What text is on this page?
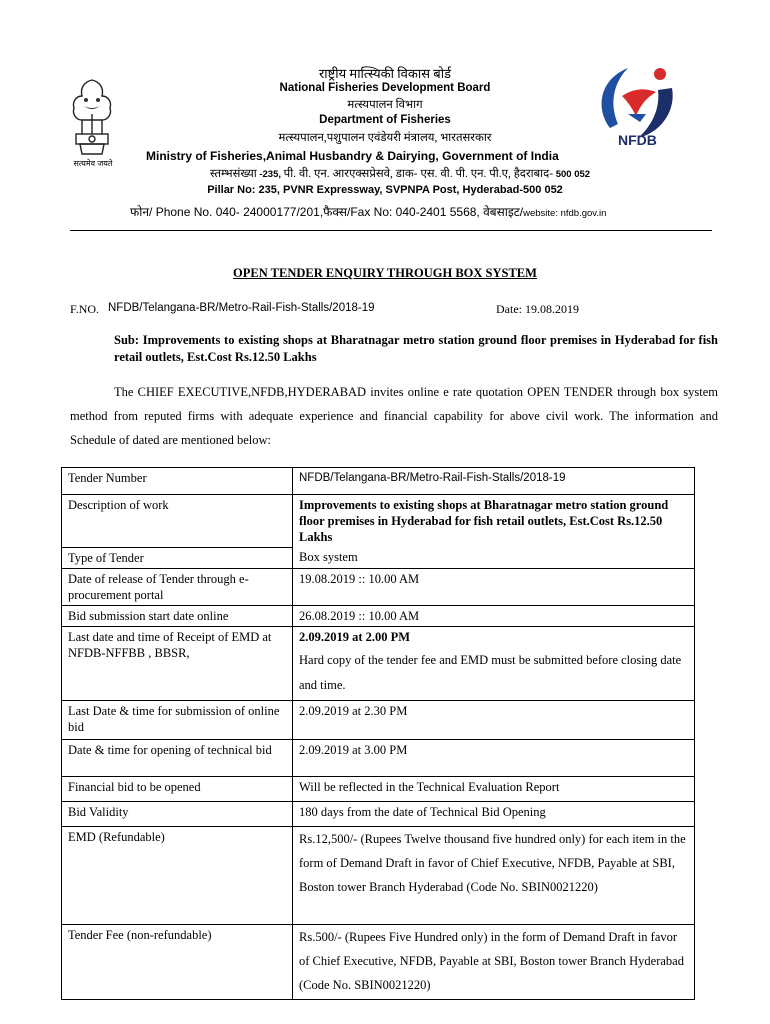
सत्यमेव जयते
NFDB
राष्ट्रीय मात्स्यिकी विकास बोर्ड
National Fisheries Development Board
मत्स्यपालन विभाग
Department of Fisheries
मत्स्यपालन,पशुपालन एवंडेयरी मंत्रालय, भारतसरकार
Ministry of Fisheries,Animal Husbandry & Dairying, Government of India
स्तम्भसंख्या -235, पी. वी. एन. आरएक्सप्रेसवे, डाक- एस. वी. पी. एन. पी.ए, हैदराबाद- 500 052
Pillar No: 235, PVNR Expressway, SVPNPA Post, Hyderabad-500 052
फोन/ Phone No. 040- 24000177/201,फैक्स/Fax No: 040-2401 5568, वेबसाइट/website: nfdb.gov.in
OPEN TENDER ENQUIRY THROUGH BOX SYSTEM
F.NO. NFDB/Telangana-BR/Metro-Rail-Fish-Stalls/2018-19	Date: 19.08.2019
Sub: Improvements to existing shops at Bharatnagar metro station ground floor premises in Hyderabad for fish retail outlets, Est.Cost Rs.12.50 Lakhs
The CHIEF EXECUTIVE,NFDB,HYDERABAD invites online e rate quotation OPEN TENDER through box system method from reputed firms with adequate experience and financial capability for above civil work. The information and Schedule of dated are mentioned below:
Tender Number	NFDB/Telangana-BR/Metro-Rail-Fish-Stalls/2018-19
Description of work	Improvements to existing shops at Bharatnagar metro station ground floor premises in Hyderabad for fish retail outlets, Est.Cost Rs.12.50 Lakhs
Type of Tender	Box system
Date of release of Tender through e-procurement portal	19.08.2019 :: 10.00 AM
Bid submission start date online	26.08.2019 :: 10.00 AM
Last date and time of Receipt of EMD at NFDB-NFFBB , BBSR,	2.09.2019 at 2.00 PM
Hard copy of the tender fee and EMD must be submitted before closing date and time.

Last Date & time for submission of online bid	2.09.2019 at 2.30 PM
Date & time for opening of technical bid	2.09.2019 at 3.00 PM
Financial bid to be opened	Will be reflected in the Technical Evaluation Report
Bid Validity	180 days from the date of Technical Bid Opening
EMD (Refundable)	Rs.12,500/- (Rupees Twelve thousand five hundred only) for each item in the form of Demand Draft in favor of Chief Executive, NFDB, Payable at SBI, Boston tower Branch Hyderabad (Code No. SBIN0021220)
Tender Fee (non-refundable)	Rs.500/- (Rupees Five Hundred only) in the form of Demand Draft in favor of Chief Executive, NFDB, Payable at SBI, Boston tower Branch Hyderabad (Code No. SBIN0021220)
